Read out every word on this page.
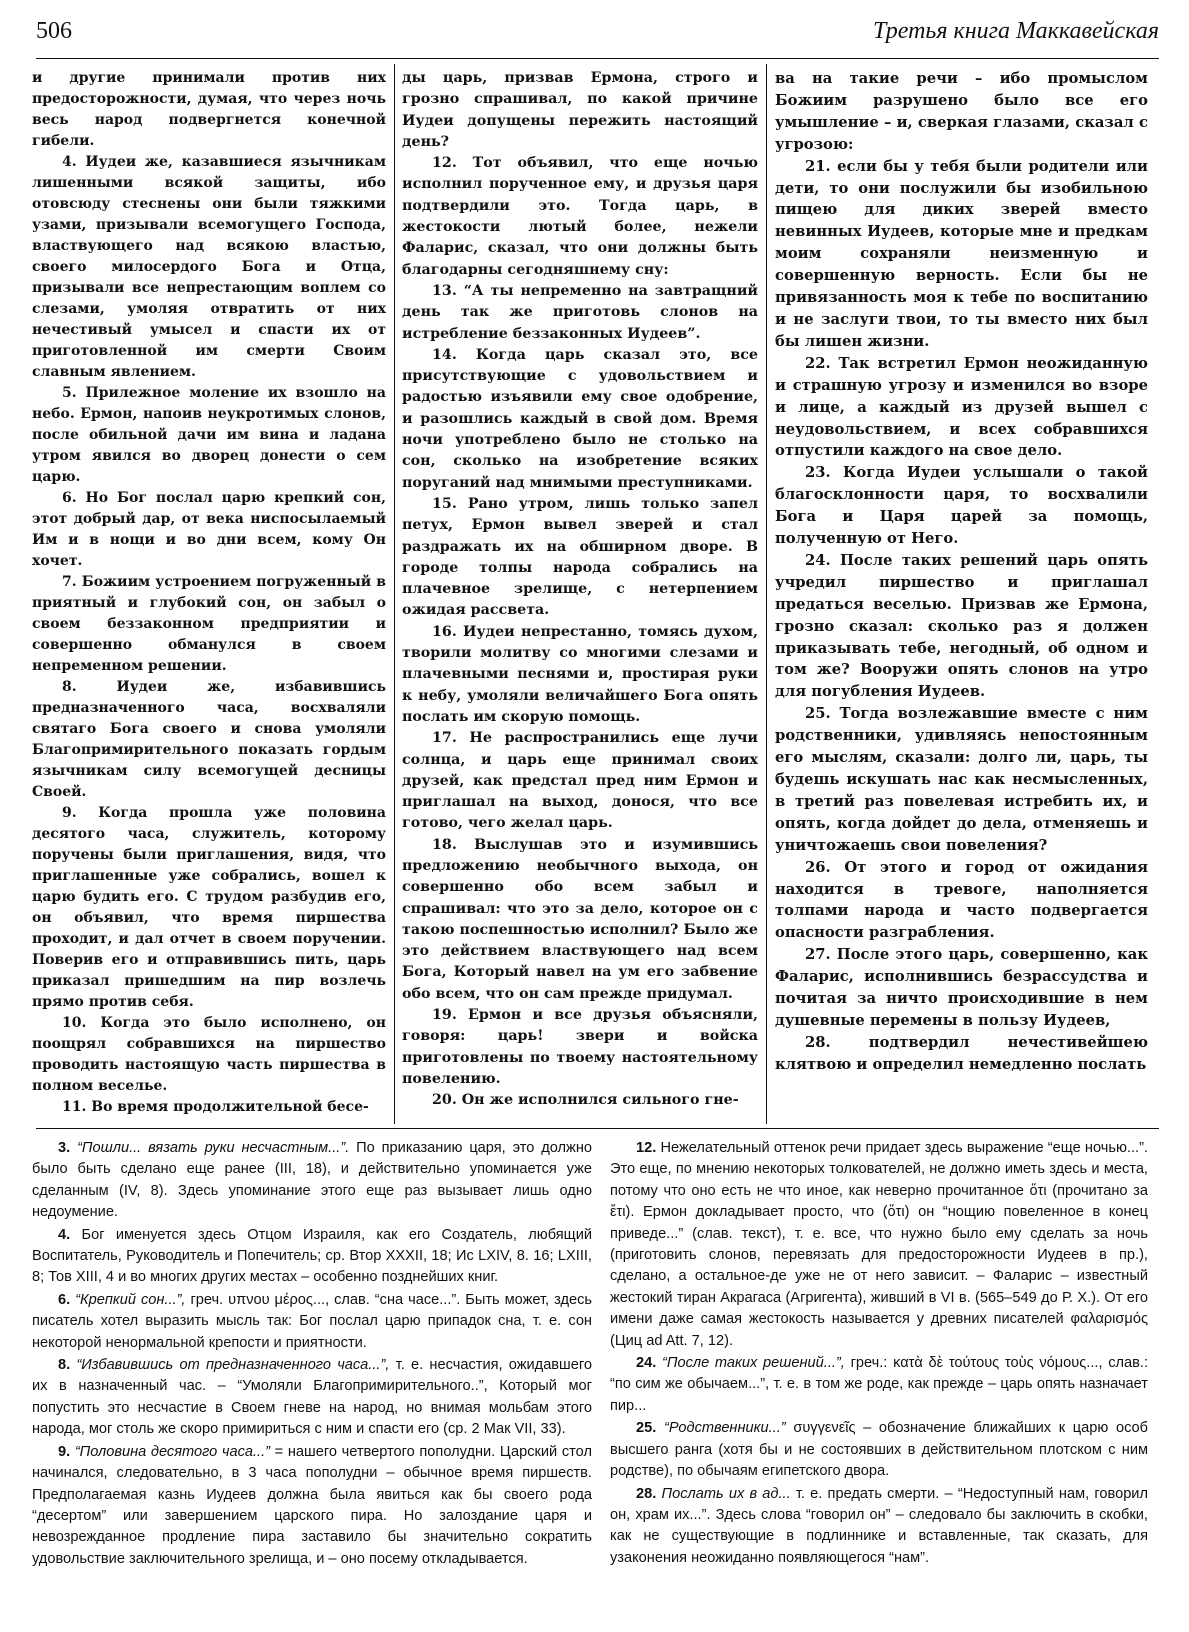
506	Третья книга Маккавейская

и другие принимали против них предосторожности, думая, что через ночь весь народ подвергнется конечной гибели.

4. Иудеи же, казавшиеся язычникам лишенными всякой защиты, ибо отовсюду стеснены они были тяжкими узами, призывали всемогущего Господа, властвующего над всякою властью, своего милосердого Бога и Отца, призывали все непрестающим воплем со слезами, умоляя отвратить от них нечестивый умысел и спасти их от приготовленной им смерти Своим славным явлением.

5. Прилежное моление их взошло на небо. Ермон, напоив неукротимых слонов, после обильной дачи им вина и ладана утром явился во дворец донести о сем царю.

6. Но Бог послал царю крепкий сон, этот добрый дар, от века ниспосылаемый Им и в нощи и во дни всем, кому Он хочет.

7. Божиим устроением погруженный в приятный и глубокий сон, он забыл о своем беззаконном предприятии и совершенно обманулся в своем непременном решении.

8. Иудеи же, избавившись предназначенного часа, восхваляли святаго Бога своего и снова умоляли Благопримирительного показать гордым язычникам силу всемогущей десницы Своей.

9. Когда прошла уже половина десятого часа, служитель, которому поручены были приглашения, видя, что приглашенные уже собрались, вошел к царю будить его. С трудом разбудив его, он объявил, что время пиршества проходит, и дал отчет в своем поручении. Поверив его и отправившись пить, царь приказал пришедшим на пир возлечь прямо против себя.

10. Когда это было исполнено, он поощрял собравшихся на пиршество проводить настоящую часть пиршества в полном веселье.

11. Во время продолжительной бесе-

ды царь, призвав Ермона, строго и грозно спрашивал, по какой причине Иудеи допущены пережить настоящий день?

12. Тот объявил, что еще ночью исполнил порученное ему, и друзья царя подтвердили это. Тогда царь, в жестокости лютый более, нежели Фаларис, сказал, что они должны быть благодарны сегодняшнему сну:

13. “А ты непременно на завтращний день так же приготовь слонов на истребление беззаконных Иудеев”.

14. Когда царь сказал это, все присутствующие с удовольствием и радостью изъявили ему свое одобрение, и разошлись каждый в свой дом. Время ночи употреблено было не столько на сон, сколько на изобретение всяких поруганий над мнимыми преступниками.

15. Рано утром, лишь только запел петух, Ермон вывел зверей и стал раздражать их на обширном дворе. В городе толпы народа собрались на плачевное зрелище, с нетерпением ожидая рассвета.

16. Иудеи непрестанно, томясь духом, творили молитву со многими слезами и плачевными песнями и, простирая руки к небу, умоляли величайшего Бога опять послать им скорую помощь.

17. Не распространились еще лучи солнца, и царь еще принимал своих друзей, как предстал пред ним Ермон и приглашал на выход, донося, что все готово, чего желал царь.

18. Выслушав это и изумившись предложению необычного выхода, он совершенно обо всем забыл и спрашивал: что это за дело, которое он с такою поспешностью исполнил? Было же это действием властвующего над всем Бога, Который навел на ум его забвение обо всем, что он сам прежде придумал.

19. Ермон и все друзья объясняли, говоря: царь! звери и войска приготовлены по твоему настоятельному повелению.

20. Он же исполнился сильного гне-

ва на такие речи – ибо промыслом Божиим разрушено было все его умышление – и, сверкая глазами, сказал с угрозою:

21. если бы у тебя были родители или дети, то они послужили бы изобильною пищею для диких зверей вместо невинных Иудеев, которые мне и предкам моим сохраняли неизменную и совершенную верность. Если бы не привязанность моя к тебе по воспитанию и не заслуги твои, то ты вместо них был бы лишен жизни.

22. Так встретил Ермон неожиданную и страшную угрозу и изменился во взоре и лице, а каждый из друзей вышел с неудовольствием, и всех собравшихся отпустили каждого на свое дело.

23. Когда Иудеи услышали о такой благосклонности царя, то восхвалили Бога и Царя царей за помощь, полученную от Него.

24. После таких решений царь опять учредил пиршество и приглашал предаться веселью. Призвав же Ермона, грозно сказал: сколько раз я должен приказывать тебе, негодный, об одном и том же? Вооружи опять слонов на утро для погубления Иудеев.

25. Тогда возлежавшие вместе с ним родственники, удивляясь непостоянным его мыслям, сказали: долго ли, царь, ты будешь искушать нас как несмысленных, в третий раз повелевая истребить их, и опять, когда дойдет до дела, отменяешь и уничтожаешь свои повеления?

26. От этого и город от ожидания находится в тревоге, наполняется толпами народа и часто подвергается опасности разграбления.

27. После этого царь, совершенно, как Фаларис, исполнившись безрассудства и почитая за ничто происходившие в нем душевные перемены в пользу Иудеев,

28. подтвердил нечестивейшею клятвою и определил немедленно послать

3. “Пошли... вязать руки несчастным...”. По приказанию царя, это должно было быть сделано еще ранее (III, 18), и действительно упоминается уже сделанным (IV, 8). Здесь упоминание этого еще раз вызывает лишь одно недоумение.

4. Бог именуется здесь Отцом Израиля, как его Создатель, любящий Воспитатель, Руководитель и Попечитель; ср. Втор XXXII, 18; Ис LXIV, 8. 16; LXIII, 8; Тов XIII, 4 и во многих других местах – особенно позднейших книг.

6. “Крепкий сон...”, греч. υπνου μέρος..., слав. “сна часе...”. Быть может, здесь писатель хотел выразить мысль так: Бог послал царю припадок сна, т. е. сон некоторой ненормальной крепости и приятности.

8. “Избавившись от предназначенного часа...”, т. е. несчастия, ожидавшего их в назначенный час. – “Умоляли Благопримирительного..”, Который мог попустить это несчастие в Своем гневе на народ, но внимая мольбам этого народа, мог столь же скоро примириться с ним и спасти его (ср. 2 Мак VII, 33).

9. “Половина десятого часа...” = нашего четвертого пополудни. Царский стол начинался, следовательно, в 3 часа пополудни – обычное время пиршеств. Предполагаемая казнь Иудеев должна была явиться как бы своего рода “десертом” или завершением царского пира. Но залоздание царя и невозрежданное продление пира заставило бы значительно сократить удовольствие заключительного зрелища, и – оно посему откладывается.

12. Нежелательный оттенок речи придает здесь выражение “еще ночью...”. Это еще, по мнению некоторых толкователей, не должно иметь здесь и места, потому что оно есть не что иное, как неверно прочитанное ὅτι (прочитано за ἔτι). Ермон докладывает просто, что (ὅτι) он “нощию повеленное в конец приведе...” (слав. текст), т. е. все, что нужно было ему сделать за ночь (приготовить слонов, перевязать для предосторожности Иудеев в пр.), сделано, а остальное-де уже не от него зависит. – Фаларис – известный жестокий тиран Акрагаса (Агригента), живший в VI в. (565–549 до Р. Х.). От его имени даже самая жестокость называется у древних писателей φαλαρισμός (Циц ad Att. 7, 12).

24. “После таких решений...”, греч.: κατὰ δὲ τούτους τοὺς νόμους..., слав.: “по сим же обычаем...”, т. е. в том же роде, как прежде – царь опять назначает пир...

25. “Родственники...” συγγενεῖς – обозначение ближайших к царю особ высшего ранга (хотя бы и не состоявших в действительном плотском с ним родстве), по обычаям египетского двора.

28. Послать их в ад... т. е. предать смерти. – “Недоступный нам, говорил он, храм их...”. Здесь слова “говорил он” – следовало бы заключить в скобки, как не существующие в подлиннике и вставленные, так сказать, для узаконения неожиданно появляющегося “нам”.
